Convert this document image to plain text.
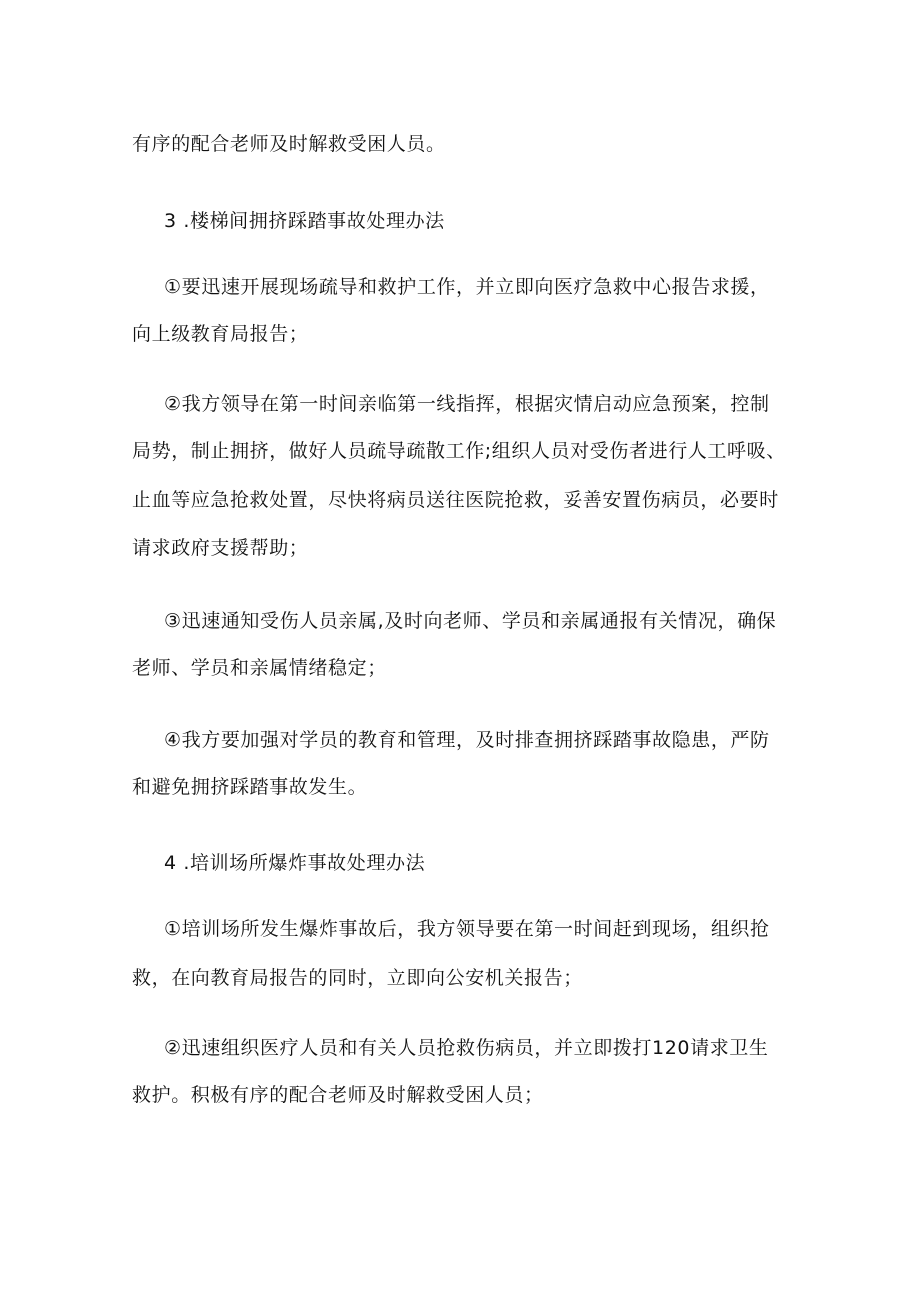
有序的配合老师及时解救受困人员。
3 .楼梯间拥挤踩踏事故处理办法
①要迅速开展现场疏导和救护工作，并立即向医疗急救中心报告求援，
向上级教育局报告；
②我方领导在第一时间亲临第一线指挥，根据灾情启动应急预案，控制
局势，制止拥挤，做好人员疏导疏散工作;组织人员对受伤者进行人工呼吸、
止血等应急抢救处置，尽快将病员送往医院抢救，妥善安置伤病员，必要时
请求政府支援帮助；
③迅速通知受伤人员亲属,及时向老师、学员和亲属通报有关情况，确保
老师、学员和亲属情绪稳定；
④我方要加强对学员的教育和管理，及时排查拥挤踩踏事故隐患，严防
和避免拥挤踩踏事故发生。
4 .培训场所爆炸事故处理办法
①培训场所发生爆炸事故后，我方领导要在第一时间赶到现场，组织抢
救，在向教育局报告的同时，立即向公安机关报告；
②迅速组织医疗人员和有关人员抢救伤病员，并立即拨打120请求卫生
救护。积极有序的配合老师及时解救受困人员；
